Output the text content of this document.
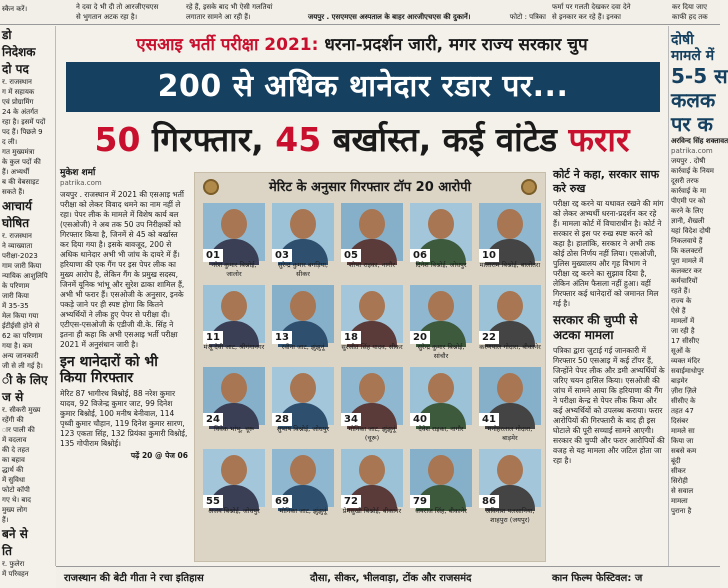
स्कैन करें।	ने दवा दे भी दी तो आरजीएचएस
से भुगतान अटक रहा है।
रहे हैं, इसके बाद भी ऐसी गलतियां
लगातार सामने आ रही हैं।	जयपुर . एसएमएस अस्पताल के बाहर आरजीएचएस की दुकानें।	फोटो : पत्रिका
फर्मा पर गलती देखकर दवा देने
से इनकार कर रहे हैं। इनका
कर दिया जाए
काफी हद तक
डो
निदेशक
दो पद
र. राजस्थान
ग में सहायक
एवं प्रोग्रामिंग
24 के अंतर्गत
रहा है। इसमें पदों
पद हैं। पिछले 9
द ली।
गत मुख्यमंत्रा
के कुल पदों की
हैं। अभ्यर्थी
ब की वेबसाइट
सकते हैं।
आचार्य
घोषित
र. राजस्थान
ने व्याख्याता
परीक्षा-2023
गाम जारी किया
न्यायिक आशुलिपि
के परिणाम
जारी किया
में 35-35
मेल किया गया
ईटीईसी होने से
62 का परिणाम
गया है। कम
अन्य जानकारी
जी से ली गई है।
ी के लिए
ज से
र. सीकरी मुख्य
रहेंगी की
ार पाली की
में वदलाव
की दे तहत
का बहाव
द्धार्थ की
में सुविधा
फोटो कॉपी
गए थे। बाद
मुख्य लोग
हैं।
बने से
ति
र. फुलेरा
में परिवहन
दोषी
मामले में
5-5 स
कलक
पर क
अरविन्द सिंह शक्तावत
patrika.com
जयपुर . दोषी
कार्रवाई के नियम
दूसरी तरफ
कार्रवाई के मा
पीएमी पर को
करने के लिए
ज्ञानी, शैखली
यहां विदेश दोषी
निकलवाये हैं
कि कलक्टरों
पूरा मामले में
कलक्टर कर
कर्मचारियों
रहते हैं।
राज्य के
ऐसे हैं
मामलों में
जा रही है
17 सीसीए
सूओं के
व्यक्त मंदिर
सवाईमाधोपुर
बाड़मेर
ज़ीरा ज़िले
सीसीए के
तहत 47
दिसंबर
मामले सा
किया जा
सबसे कम
बूंदी
सीकर
सिरोही
से सवाल
मामला
पुराना है
एसआइ भर्ती परीक्षा 2021: धरना-प्रदर्शन जारी, मगर राज्य सरकार चुप
200 से अधिक थानेदार रडार पर...
50 गिरफ्तार, 45 बर्खास्त, कई वांटेड फरार
मुकेश शर्मा
patrika.com

जयपुर . राजस्थान में 2021 की एसआइ भर्ती परीक्षा को लेकर विवाद थमने का नाम नहीं ले रहा। पेपर लीक के मामले में विशेष कार्य बल (एसओजी) ने अब तक 50 उप निरीक्षकों को गिरफ्तार किया है, जिनमें से 45 को बर्खास्त कर दिया गया है। इसके बावजूद, 200 से अधिक थानेदार अभी भी जांच के दायरे में हैं। हरियाणा की एक गैंग पर इस पेपर लीक का मुख्य आरोप है, लेकिन गैंग के प्रमुख सदस्य, जिनमें यूनिक भांभू और सुरेश ढाका शामिल हैं, अभी भी फरार हैं। एसओजी के अनुसार, इनके पकड़े जाने पर ही स्पष्ट होगा कि कितने अभ्यर्थियों ने लीक हुए पेपर से परीक्षा दी। एटीएस-एसओजी के एडीजी वी.के. सिंह ने इतना ही कहा कि अभी एसआइ भर्ती परीक्षा 2021 में अनुसंधान जारी है।

इन थानेदारों को भी किया गिरफ्तार

मेरिट 87 भागीरथ बिश्नोई, 88 नरेश कुमार यादव, 92 विजेन्द्र कुमार जाट, 99 दिनेश कुमार बिश्नोई, 100 मनीष बेनीवाल, 114 पृथ्वी कुमार चौहान, 119 दिनेश कुमार सारण, 123 एकता सिंह, 132 प्रियंका कुमारी विश्नोई, 135 गोपीराम बिश्नोई।

पढ़ें 20 @ पेज 06

मेरिट के अनुसार गिरफ्तार टॉप 20 आरोपी
01
नरेश कुमार बिश्नोई, जालोर
03
सुरेन्द्र कुमार बगड़िया, सीकर
05
शोभा राइका, नागौर
06
दिनेश बिश्नोई, जोधपुर
10
मालाराम बिश्नोई, बालोतरा
11
मंजू देवी जाट, श्रीगंगानगर
13
रवीना जाट, झुंझुनूं
18
सुरजीत सिंह यादव, सीकर
20
सुरेन्द्र कुमार बिश्नोई, सांचौर
22
करणपाल गोदारा, बीकानेर
24
विवेक भांभू, चूरू
28
सुभाष बिश्नोई, जोधपुर
34
मोनिका जाट, झुंझुनूं (चूरू)
40
देवेश राइका, नागौर
41
मनोहरलाल गोदारा, बाड़मेर
55
अजय बिश्नोई, जोधपुर
69
मोनिका जाट, झुंझुनूं
72
प्रेमसुखी बिश्नोई, बीकानेर
79
जयराज सिंह, बीकानेर
86
अविनाश पलसानिया, शाहपुरा (जयपुर)
कोर्ट ने कहा, सरकार साफ करे रुख

परीक्षा रद्द करने या यथावत रखने की मांग को लेकर अभ्यर्थी धरना-प्रदर्शन कर रहे हैं। मामला कोर्ट में विचाराधीन है। कोर्ट ने सरकार से इस पर रुख स्पष्ट करने को कहा है। हालांकि, सरकार ने अभी तक कोई ठोस निर्णय नहीं लिया। एसओजी, पुलिस मुख्यालय और गृह विभाग ने परीक्षा रद्द करने का सुझाव दिया है, लेकिन अंतिम फैसला नहीं हुआ। वहीं गिरफ्तार कई थानेदारों को जमानत मिल गई है।

सरकार की चुप्पी से अटका मामला

पत्रिका द्वारा जुटाई गई जानकारी में गिरफ्तार 50 एसआइ में कई टॉपर हैं, जिन्होंने पेपर लीक और डमी अभ्यर्थियों के जरिए चयन हासिल किया। एसओजी की जांच में सामने आया कि हरियाणा की गैंग ने परीक्षा केन्द्र से पेपर लीक किया और कई अभ्यर्थियों को उपलब्ध कराया। फरार आरोपियों की गिरफ्तारी के बाद ही इस घोटाले की पूरी सच्चाई सामने आएगी। सरकार की चुप्पी और फरार आरोपियों की वजह से यह मामला और जटिल होता जा रहा है।

राजस्थान की बेटी गीता ने रचा इतिहास	दौसा, सीकर, भीलवाड़ा, टोंक और राजसमंद	कान फिल्म फेस्टिवल: ज
